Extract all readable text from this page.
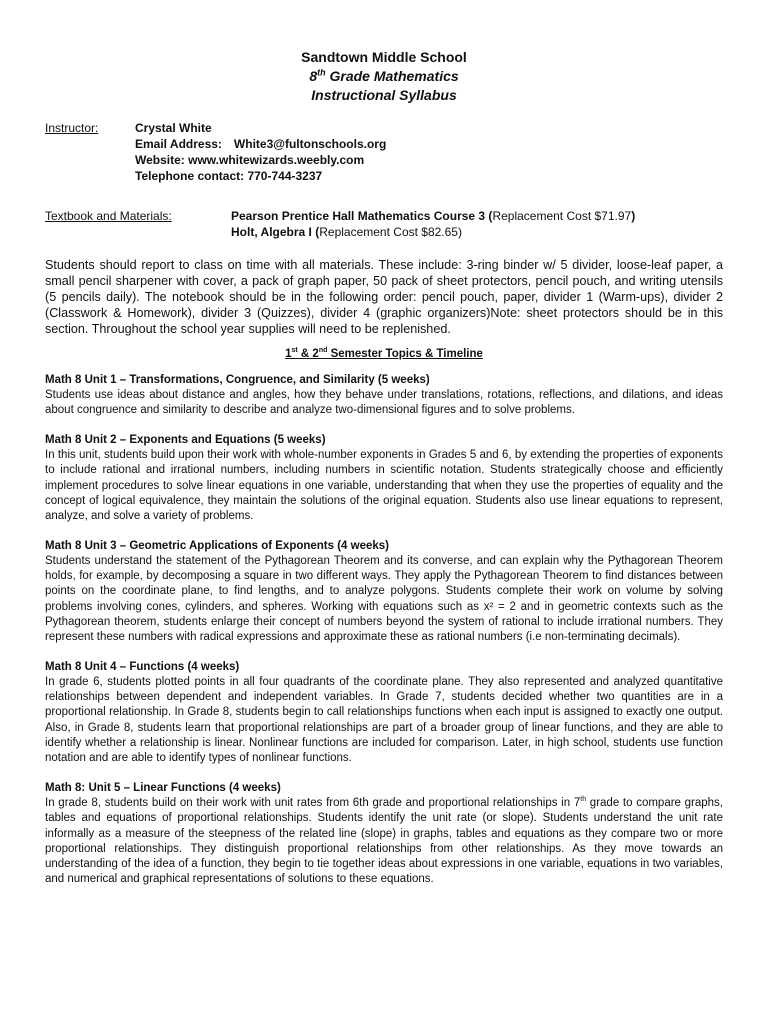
Sandtown Middle School
8th Grade Mathematics
Instructional Syllabus
Instructor:	Crystal White
Email Address: White3@fultonschools.org
Website: www.whitewizards.weebly.com
Telephone contact: 770-744-3237
Textbook and Materials:	Pearson Prentice Hall Mathematics Course 3 (Replacement Cost $71.97)
Holt, Algebra I (Replacement Cost $82.65)
Students should report to class on time with all materials. These include: 3-ring binder w/ 5 divider, loose-leaf paper, a small pencil sharpener with cover, a pack of graph paper, 50 pack of sheet protectors, pencil pouch, and writing utensils (5 pencils daily). The notebook should be in the following order: pencil pouch, paper, divider 1 (Warm-ups), divider 2 (Classwork & Homework), divider 3 (Quizzes), divider 4 (graphic organizers)Note: sheet protectors should be in this section. Throughout the school year supplies will need to be replenished.
1st & 2nd Semester Topics & Timeline
Math 8 Unit 1 – Transformations, Congruence, and Similarity (5 weeks)
Students use ideas about distance and angles, how they behave under translations, rotations, reflections, and dilations, and ideas about congruence and similarity to describe and analyze two-dimensional figures and to solve problems.
Math 8 Unit 2 – Exponents and Equations (5 weeks)
In this unit, students build upon their work with whole-number exponents in Grades 5 and 6, by extending the properties of exponents to include rational and irrational numbers, including numbers in scientific notation. Students strategically choose and efficiently implement procedures to solve linear equations in one variable, understanding that when they use the properties of equality and the concept of logical equivalence, they maintain the solutions of the original equation. Students also use linear equations to represent, analyze, and solve a variety of problems.
Math 8 Unit 3 – Geometric Applications of Exponents (4 weeks)
Students understand the statement of the Pythagorean Theorem and its converse, and can explain why the Pythagorean Theorem holds, for example, by decomposing a square in two different ways. They apply the Pythagorean Theorem to find distances between points on the coordinate plane, to find lengths, and to analyze polygons. Students complete their work on volume by solving problems involving cones, cylinders, and spheres. Working with equations such as x² = 2 and in geometric contexts such as the Pythagorean theorem, students enlarge their concept of numbers beyond the system of rational to include irrational numbers. They represent these numbers with radical expressions and approximate these as rational numbers (i.e non-terminating decimals).
Math 8 Unit 4 – Functions (4 weeks)
In grade 6, students plotted points in all four quadrants of the coordinate plane. They also represented and analyzed quantitative relationships between dependent and independent variables. In Grade 7, students decided whether two quantities are in a proportional relationship. In Grade 8, students begin to call relationships functions when each input is assigned to exactly one output. Also, in Grade 8, students learn that proportional relationships are part of a broader group of linear functions, and they are able to identify whether a relationship is linear. Nonlinear functions are included for comparison. Later, in high school, students use function notation and are able to identify types of nonlinear functions.
Math 8: Unit 5 – Linear Functions (4 weeks)
In grade 8, students build on their work with unit rates from 6th grade and proportional relationships in 7th grade to compare graphs, tables and equations of proportional relationships. Students identify the unit rate (or slope). Students understand the unit rate informally as a measure of the steepness of the related line (slope) in graphs, tables and equations as they compare two or more proportional relationships. They distinguish proportional relationships from other relationships. As they move towards an understanding of the idea of a function, they begin to tie together ideas about expressions in one variable, equations in two variables, and numerical and graphical representations of solutions to these equations.
